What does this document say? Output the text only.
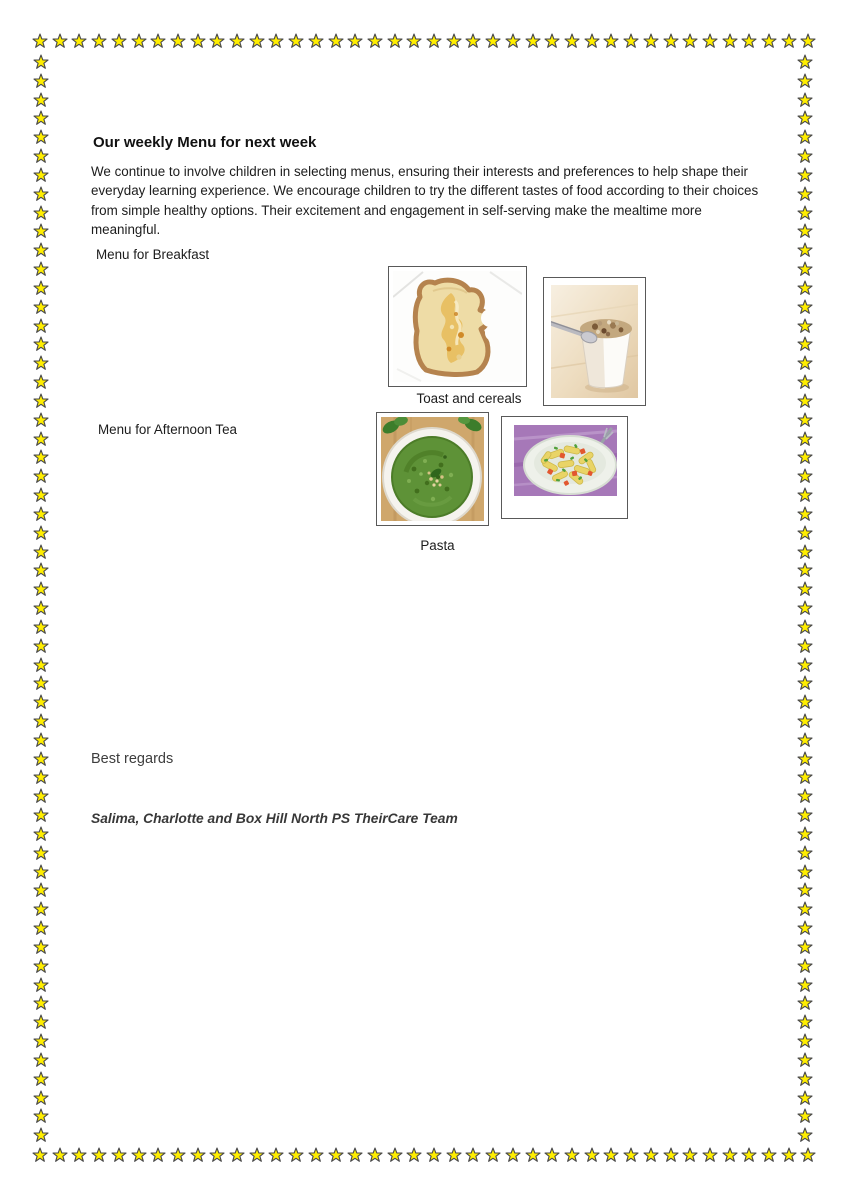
Our weekly Menu for next week
We continue to involve children in selecting menus, ensuring their interests and preferences to help shape their everyday learning experience. We encourage children to try the different tastes of food according to their choices from simple healthy options. Their excitement and engagement in self-serving make the mealtime more meaningful.
Menu for Breakfast
Toast and cereals
Menu for Afternoon Tea
Pasta
Best regards
Salima, Charlotte and Box Hill North PS TheirCare Team
